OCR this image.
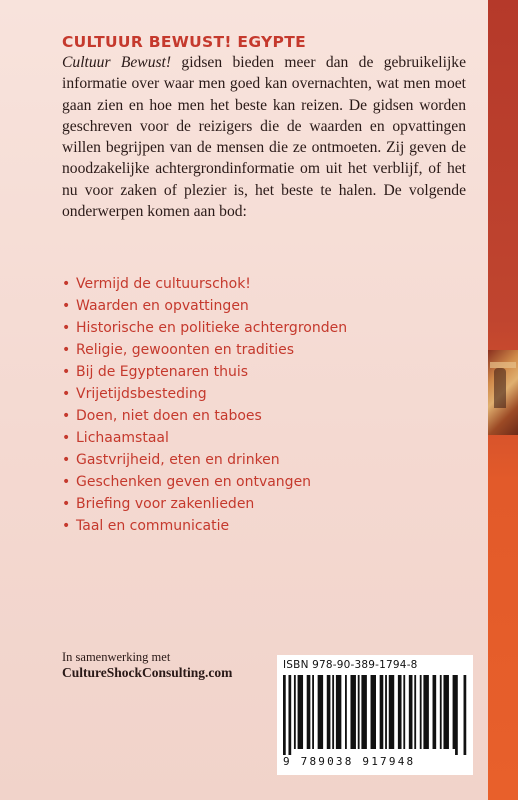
CULTUUR BEWUST! EGYPTE

Cultuur Bewust! gidsen bieden meer dan de gebruikelijke informatie over waar men goed kan overnachten, wat men moet gaan zien en hoe men het beste kan reizen. De gidsen worden geschreven voor de reizigers die de waarden en opvattingen willen begrijpen van de mensen die ze ontmoeten. Zij geven de noodzakelijke achtergrondinformatie om uit het verblijf, of het nu voor zaken of plezier is, het beste te halen. De volgende onderwerpen komen aan bod:

• Vermijd de cultuurschok!
• Waarden en opvattingen
• Historische en politieke achtergronden
• Religie, gewoonten en tradities
• Bij de Egyptenaren thuis
• Vrijetijdsbesteding
• Doen, niet doen en taboes
• Lichaamstaal
• Gastvrijheid, eten en drinken
• Geschenken geven en ontvangen
• Briefing voor zakenlieden
• Taal en communicatie

In samenwerking met

CultureShockConsulting.com	ISBN 978-90-389-1794-8

9 789038 917948
